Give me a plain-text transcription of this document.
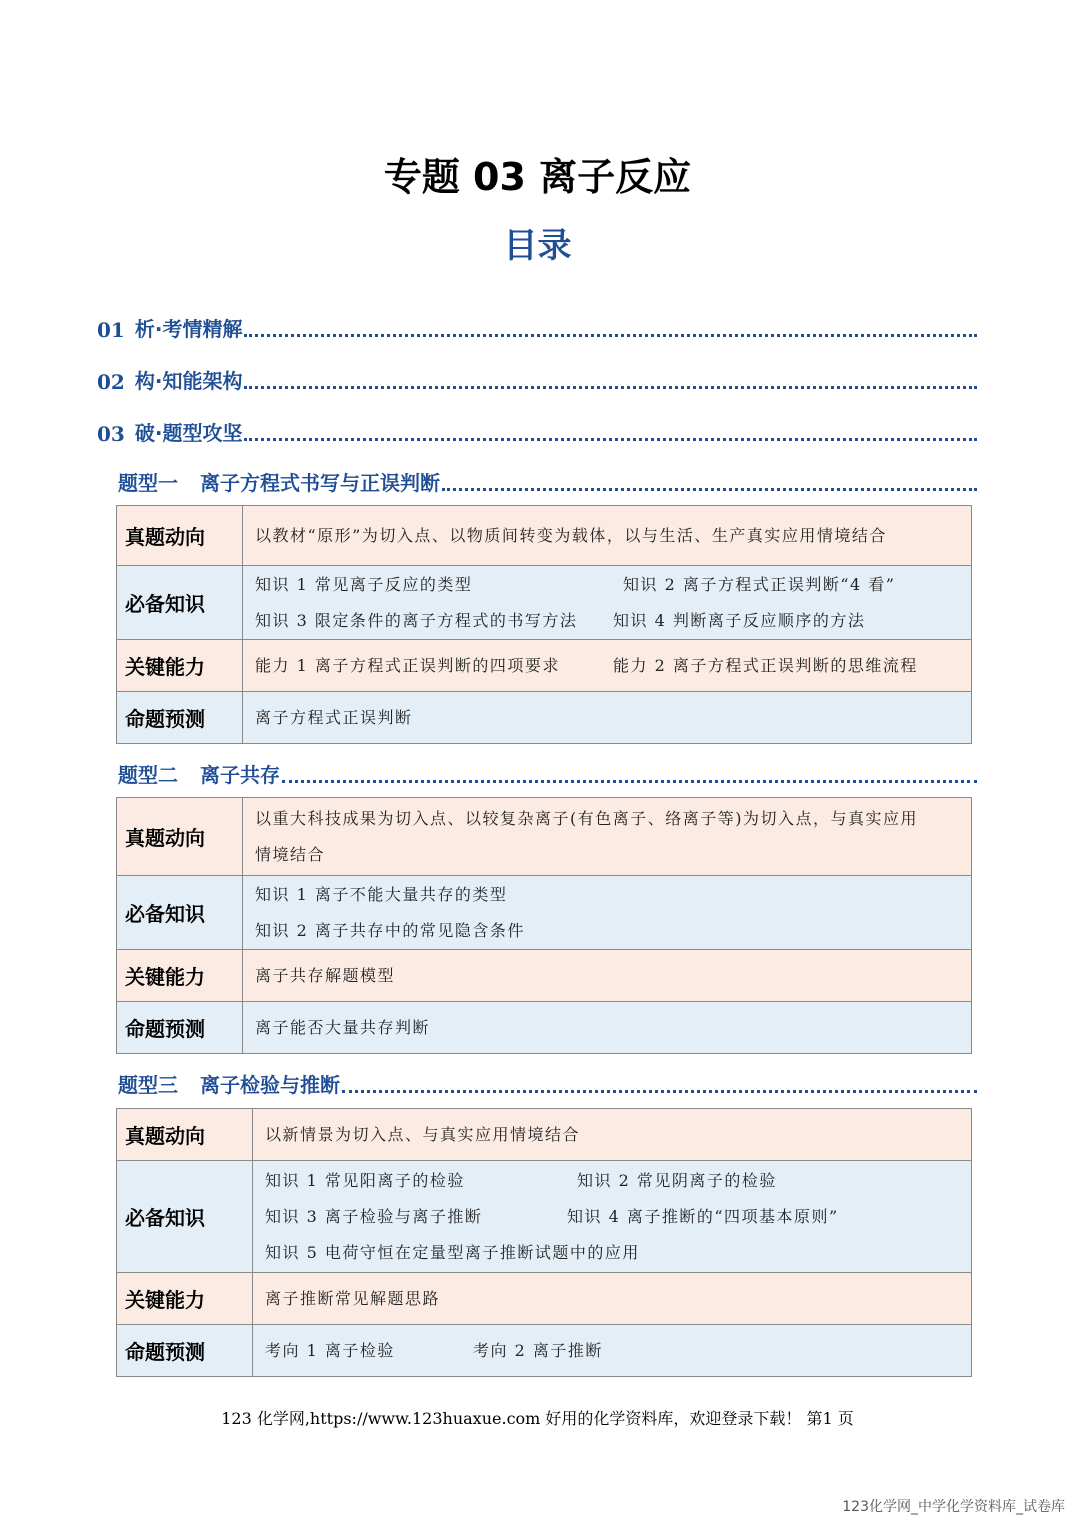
专题 03 离子反应
目录
01 析·考情精解
02 构·知能架构
03 破·题型攻坚
题型一 离子方程式书写与正误判断
真题动向	以教材“原形”为切入点、以物质间转变为载体，以与生活、生产真实应用情境结合

必备知识	知识 1 常见离子反应的类型 知识 2 离子方程式正误判断“4 看”
知识 3 限定条件的离子方程式的书写方法 知识 4 判断离子反应顺序的方法

关键能力	能力 1 离子方程式正误判断的四项要求 能力 2 离子方程式正误判断的思维流程

命题预测	离子方程式正误判断
题型二 离子共存
真题动向	以重大科技成果为切入点、以较复杂离子(有色离子、络离子等)为切入点，与真实应用
情境结合

必备知识	知识 1 离子不能大量共存的类型
知识 2 离子共存中的常见隐含条件

关键能力	离子共存解题模型

命题预测	离子能否大量共存判断
题型三 离子检验与推断
真题动向	以新情景为切入点、与真实应用情境结合

必备知识	知识 1 常见阳离子的检验 知识 2 常见阴离子的检验
知识 3 离子检验与离子推断 知识 4 离子推断的“四项基本原则”
知识 5 电荷守恒在定量型离子推断试题中的应用

关键能力	离子推断常见解题思路

命题预测	考向 1 离子检验 考向 2 离子推断
123 化学网,https://www.123huaxue.com 好用的化学资料库，欢迎登录下载！ 第1 页
123化学网_中学化学资料库_试卷库
